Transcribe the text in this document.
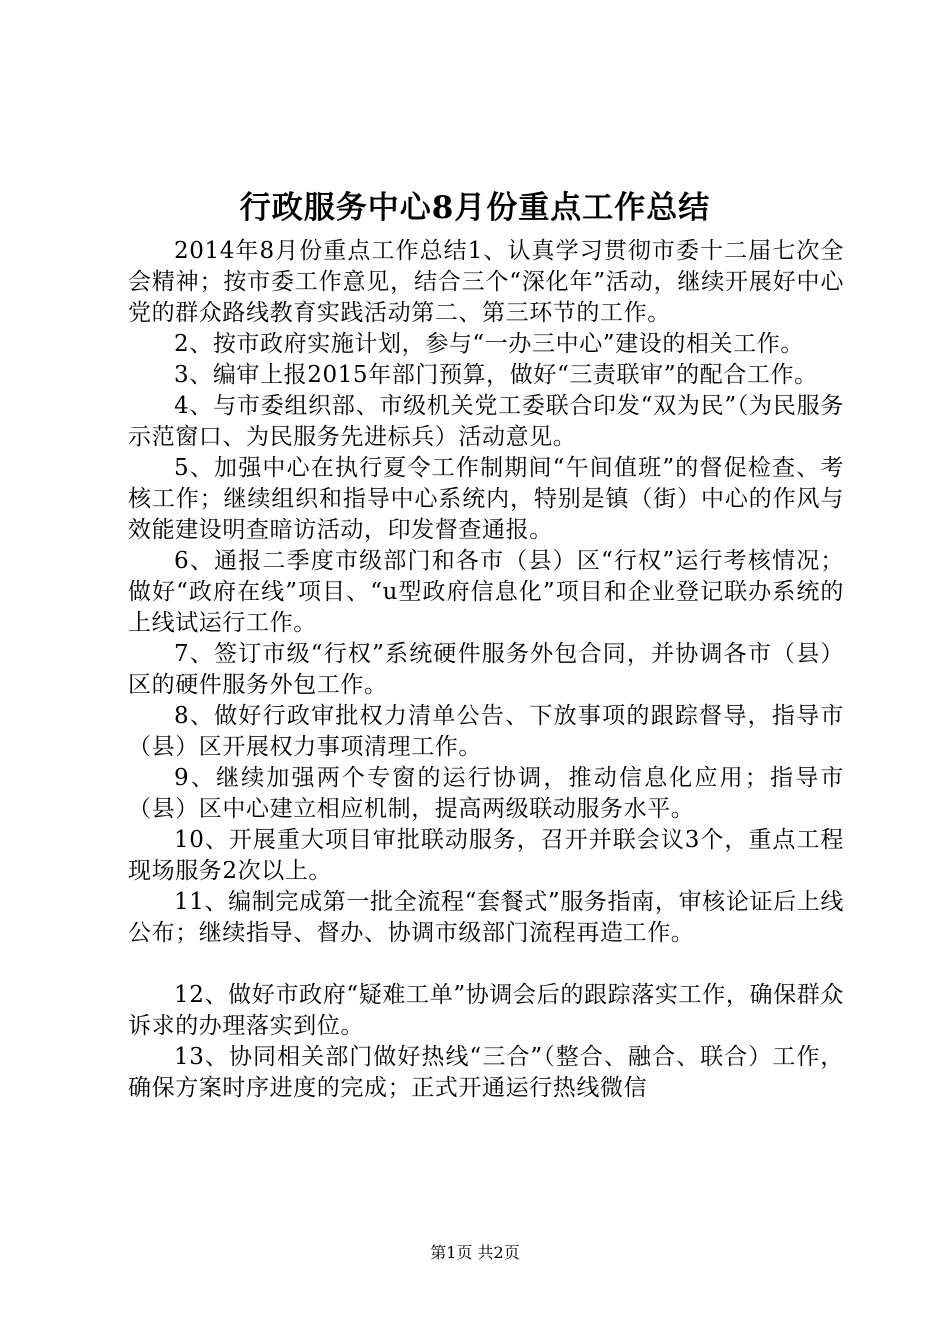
行政服务中心8月份重点工作总结

2014年8月份重点工作总结1、认真学习贯彻市委十二届七次全会精神；按市委工作意见，结合三个“深化年”活动，继续开展好中心党的群众路线教育实践活动第二、第三环节的工作。

2、按市政府实施计划，参与“一办三中心”建设的相关工作。

3、编审上报2015年部门预算，做好“三责联审”的配合工作。

4、与市委组织部、市级机关党工委联合印发“双为民”（为民服务示范窗口、为民服务先进标兵）活动意见。

5、加强中心在执行夏令工作制期间“午间值班”的督促检查、考核工作；继续组织和指导中心系统内，特别是镇（街）中心的作风与效能建设明查暗访活动，印发督查通报。

6、通报二季度市级部门和各市（县）区“行权”运行考核情况；做好“政府在线”项目、“u型政府信息化”项目和企业登记联办系统的上线试运行工作。

7、签订市级“行权”系统硬件服务外包合同，并协调各市（县）区的硬件服务外包工作。

8、做好行政审批权力清单公告、下放事项的跟踪督导，指导市（县）区开展权力事项清理工作。

9、继续加强两个专窗的运行协调，推动信息化应用；指导市（县）区中心建立相应机制，提高两级联动服务水平。

10、开展重大项目审批联动服务，召开并联会议3个，重点工程现场服务2次以上。

11、编制完成第一批全流程“套餐式”服务指南，审核论证后上线公布；继续指导、督办、协调市级部门流程再造工作。

12、做好市政府“疑难工单”协调会后的跟踪落实工作，确保群众诉求的办理落实到位。

13、协同相关部门做好热线“三合”（整合、融合、联合）工作，确保方案时序进度的完成；正式开通运行热线微信

第1页 共2页
